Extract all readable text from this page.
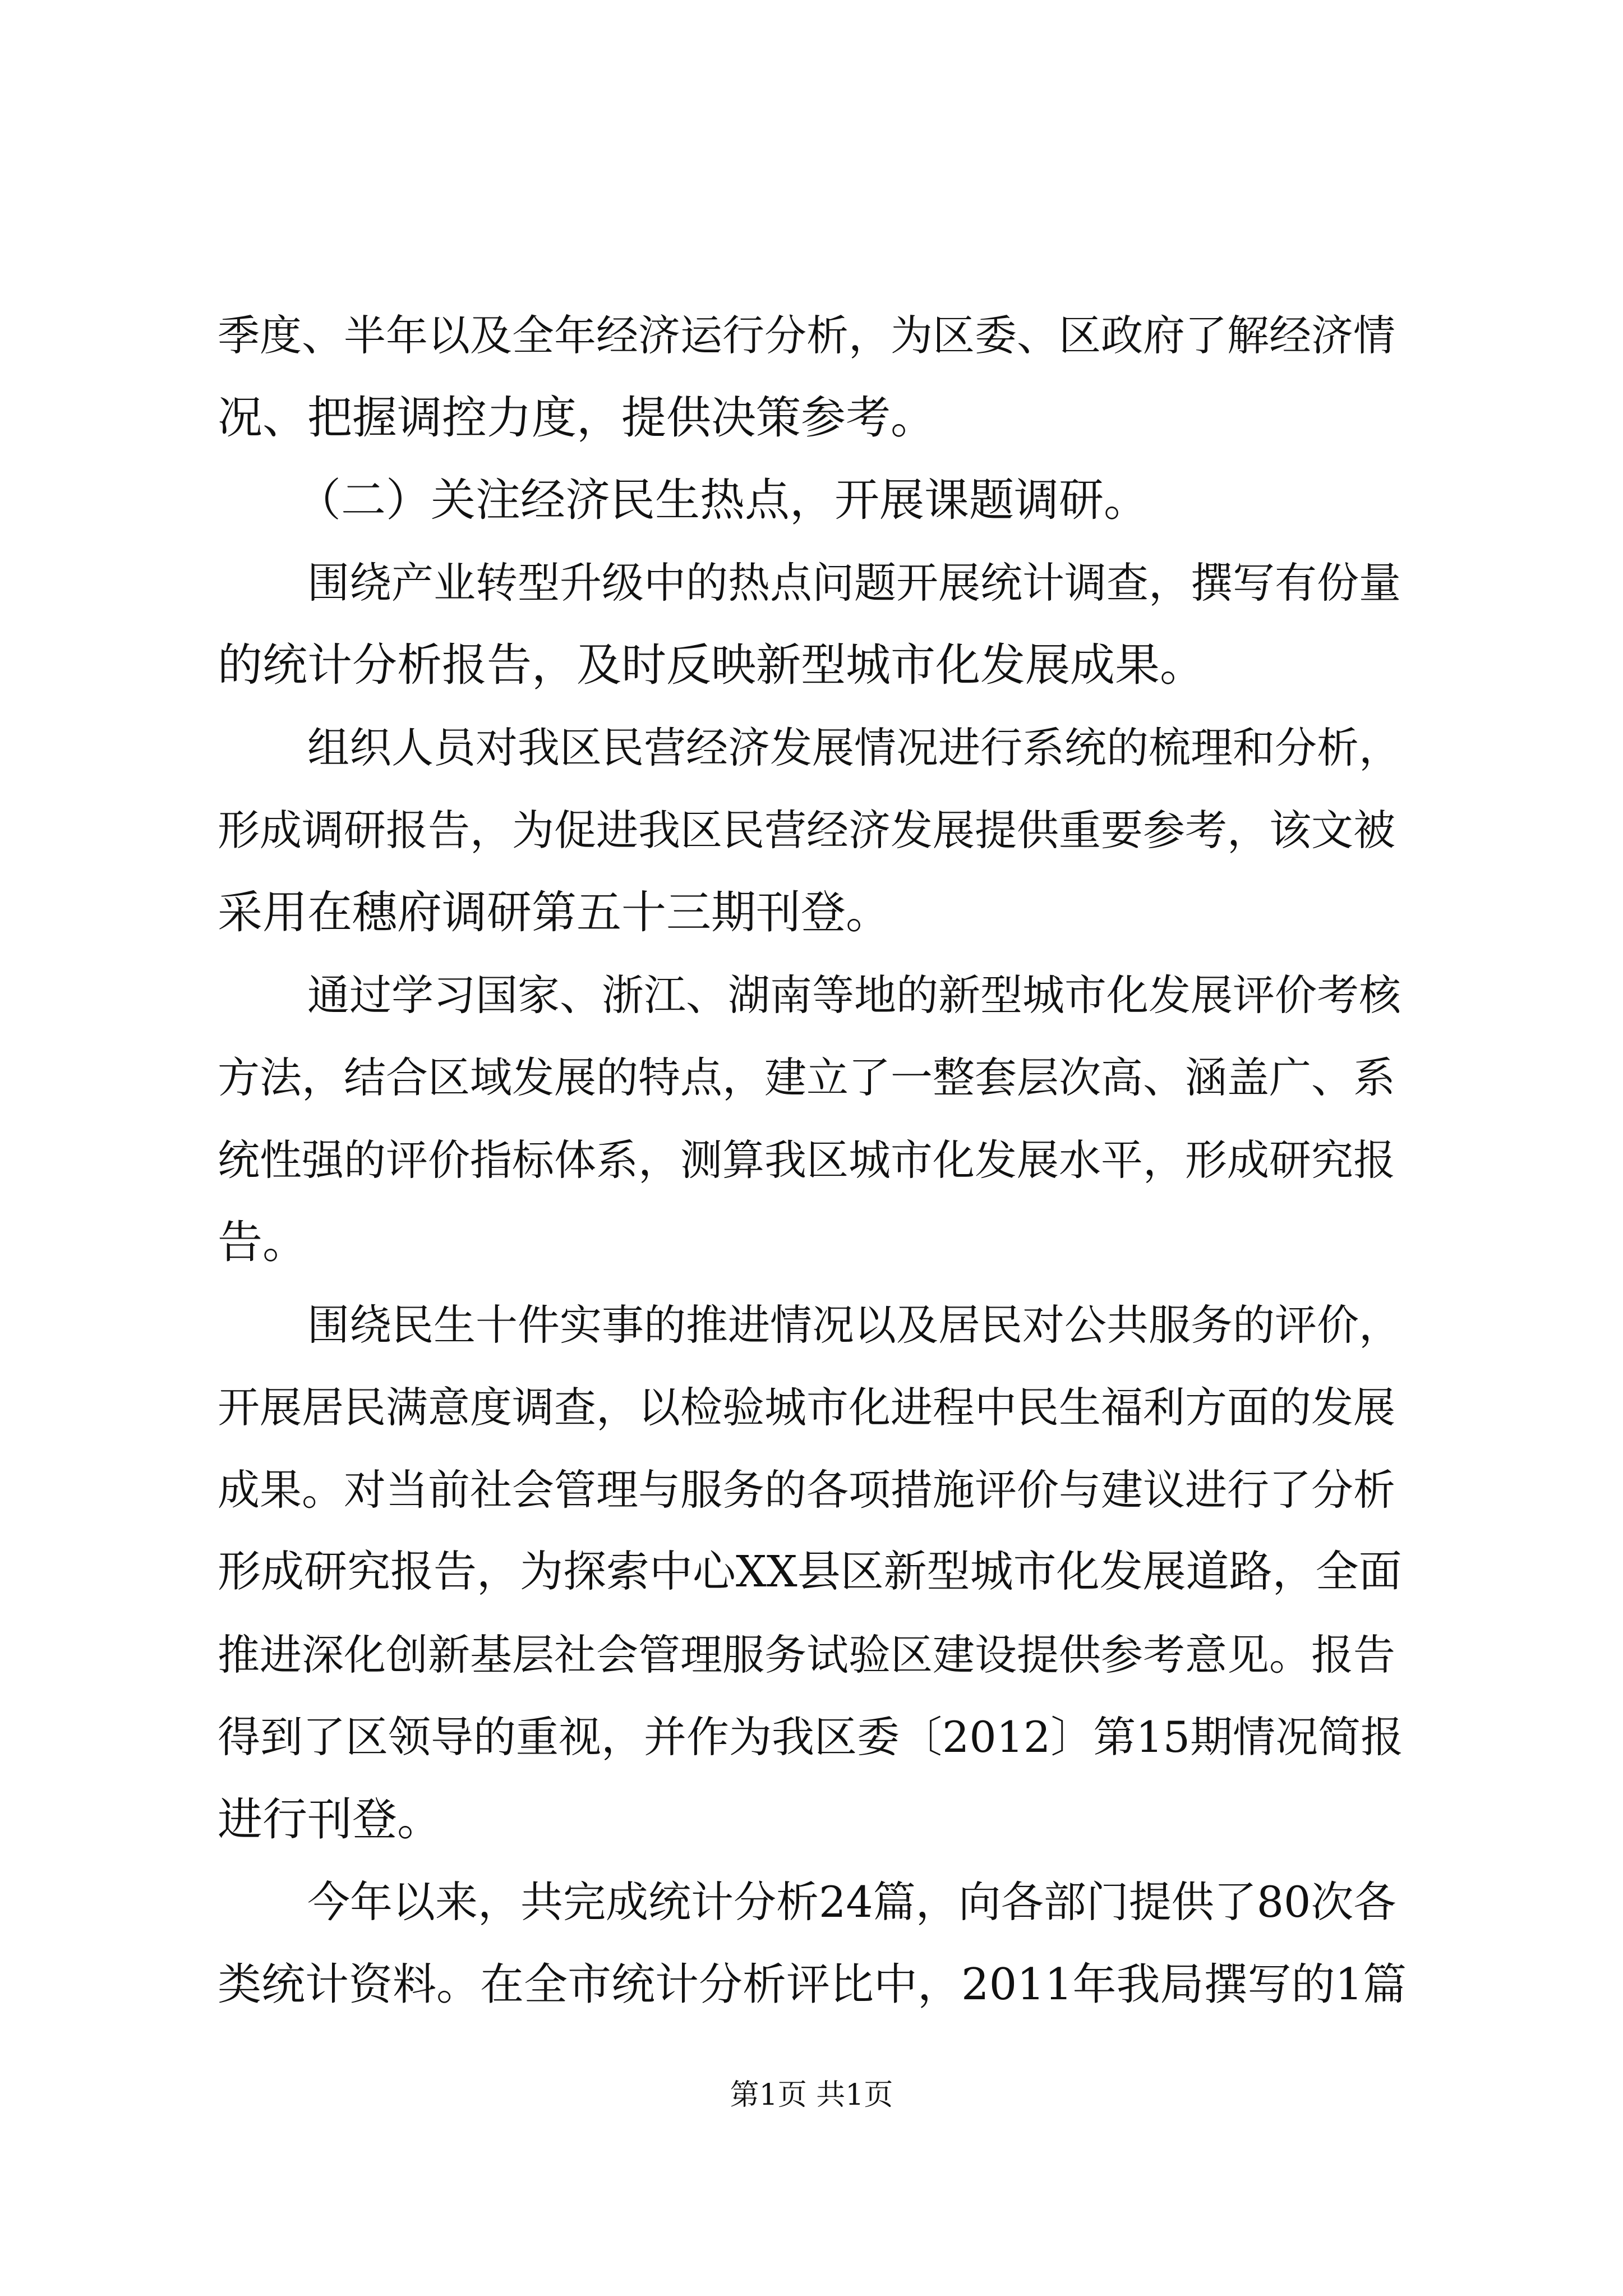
季度、半年以及全年经济运行分析，为区委、区政府了解经济情
况、把握调控力度，提供决策参考。
（二）关注经济民生热点，开展课题调研。
围绕产业转型升级中的热点问题开展统计调查，撰写有份量
的统计分析报告，及时反映新型城市化发展成果。
组织人员对我区民营经济发展情况进行系统的梳理和分析，
形成调研报告，为促进我区民营经济发展提供重要参考，该文被
采用在穗府调研第五十三期刊登。
通过学习国家、浙江、湖南等地的新型城市化发展评价考核
方法，结合区域发展的特点，建立了一整套层次高、涵盖广、系
统性强的评价指标体系，测算我区城市化发展水平，形成研究报
告。
围绕民生十件实事的推进情况以及居民对公共服务的评价，
开展居民满意度调查，以检验城市化进程中民生福利方面的发展
成果。对当前社会管理与服务的各项措施评价与建议进行了分析
形成研究报告，为探索中心XX县区新型城市化发展道路，全面
推进深化创新基层社会管理服务试验区建设提供参考意见。报告
得到了区领导的重视，并作为我区委〔2012〕第15期情况简报
进行刊登。
今年以来，共完成统计分析24篇，向各部门提供了80次各
类统计资料。在全市统计分析评比中，2011年我局撰写的1篇
第1页 共1页
